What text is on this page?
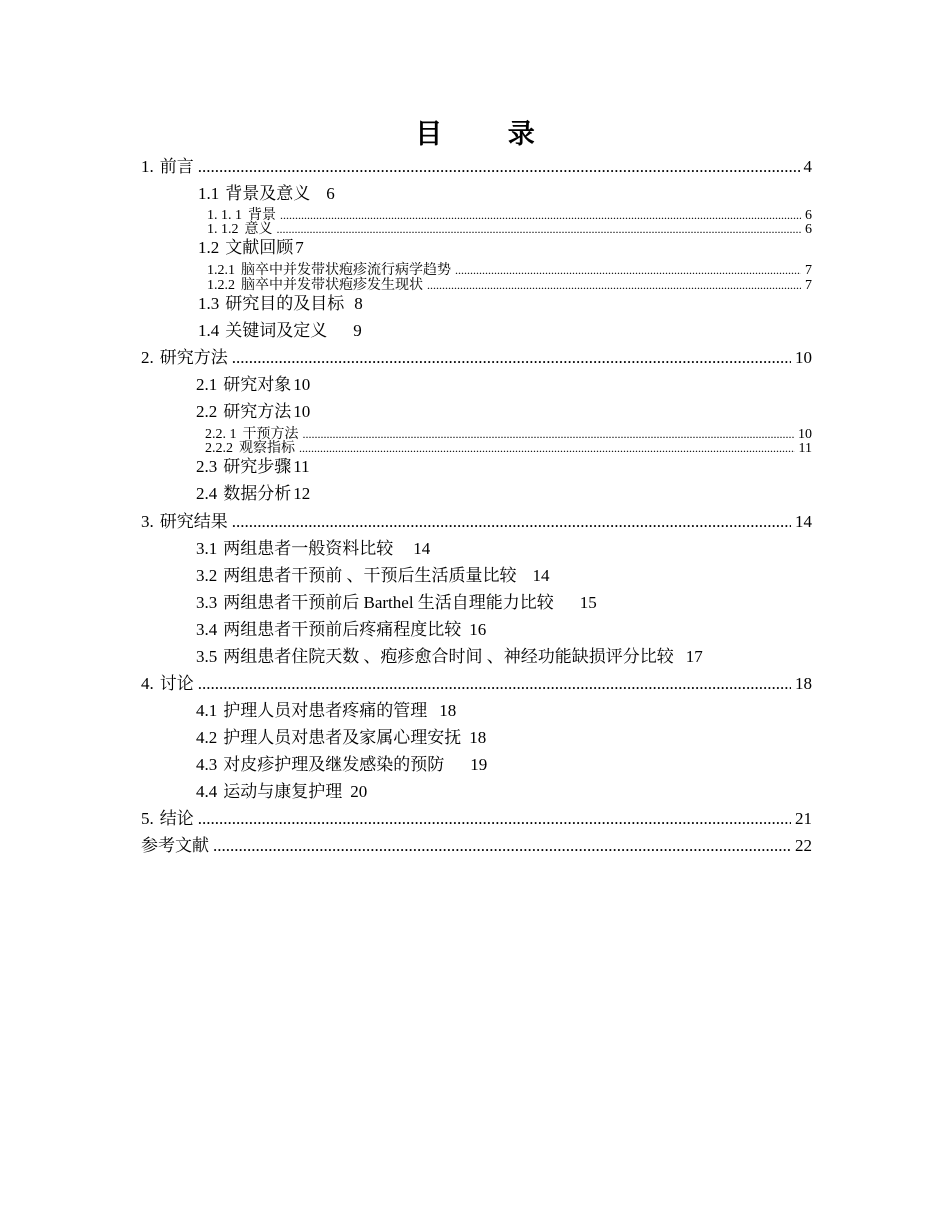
目 录
1. 前言 .....	4
1.1 背景及意义 6
1. 1. 1 背景 .....	6
1. 1.2 意义 .....	6
1.2 文献回顾 7
1.2.1 脑卒中并发带状疱疹流行病学趋势 .....	7
1.2.2 脑卒中并发带状疱疹发生现状 .....	7
1.3 研究目的及目标 8
1.4 关键词及定义 9
2. 研究方法 .....	10
2.1 研究对象 10
2.2 研究方法 10
2.2. 1 干预方法 .....	10
2.2.2 观察指标 .....	11
2.3 研究步骤 11
2.4 数据分析 12
3. 研究结果 .....	14
3.1 两组患者一般资料比较 14
3.2 两组患者干预前 、干预后生活质量比较 14
3.3 两组患者干预前后 Barthel 生活自理能力比较 15
3.4 两组患者干预前后疼痛程度比较 16
3.5 两组患者住院天数 、疱疹愈合时间 、神经功能缺损评分比较 17
4. 讨论 .....	18
4.1 护理人员对患者疼痛的管理 18
4.2 护理人员对患者及家属心理安抚 18
4.3 对皮疹护理及继发感染的预防 19
4.4 运动与康复护理 20
5. 结论 .....	21
参考文献 .....	22
